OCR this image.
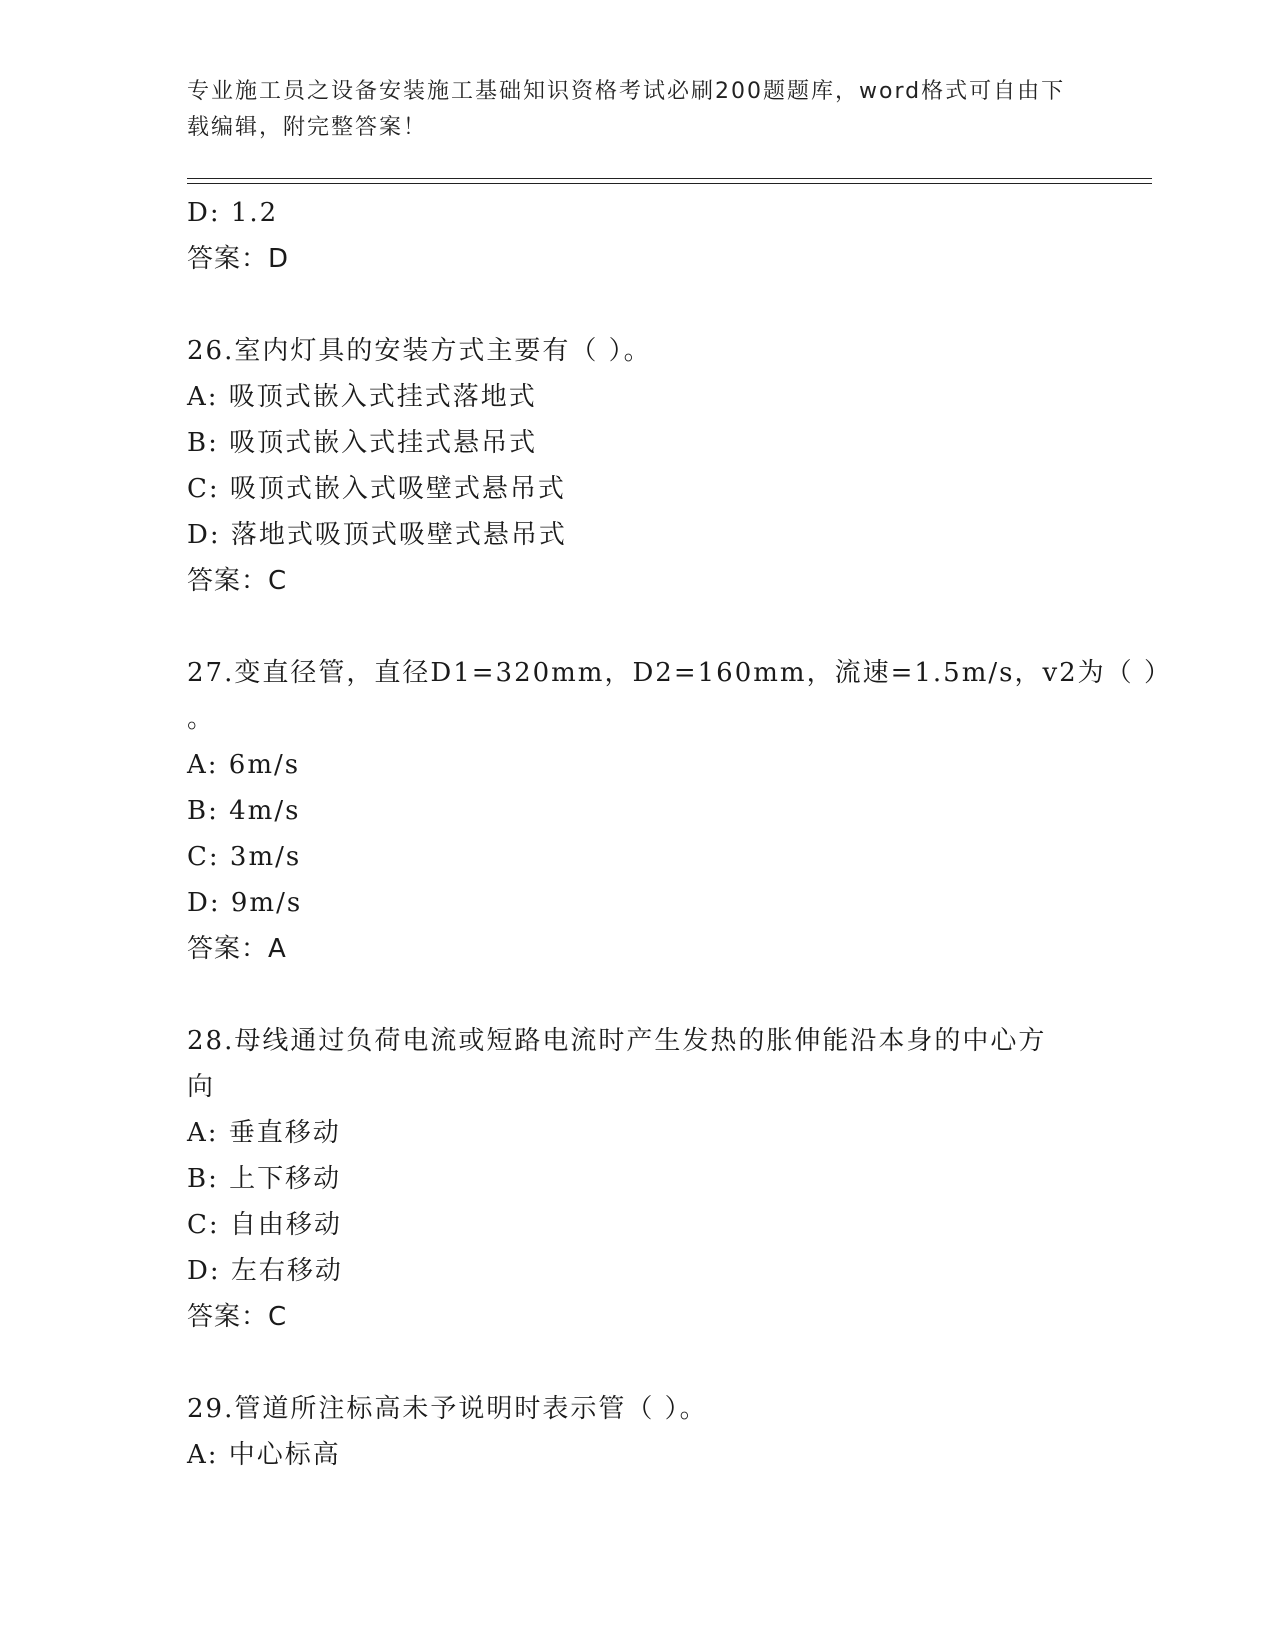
专业施工员之设备安装施工基础知识资格考试必刷200题题库，word格式可自由下载编辑，附完整答案！
D: 1.2
答案：D
26.室内灯具的安装方式主要有（ ）。
A: 吸顶式嵌入式挂式落地式
B: 吸顶式嵌入式挂式悬吊式
C: 吸顶式嵌入式吸壁式悬吊式
D: 落地式吸顶式吸壁式悬吊式
答案：C
27.变直径管，直径D1=320mm，D2=160mm，流速=1.5m/s，v2为（ ）
。
A: 6m/s
B: 4m/s
C: 3m/s
D: 9m/s
答案：A
28.母线通过负荷电流或短路电流时产生发热的胀伸能沿本身的中心方
向
A: 垂直移动
B: 上下移动
C: 自由移动
D: 左右移动
答案：C
29.管道所注标高未予说明时表示管（ ）。
A: 中心标高
